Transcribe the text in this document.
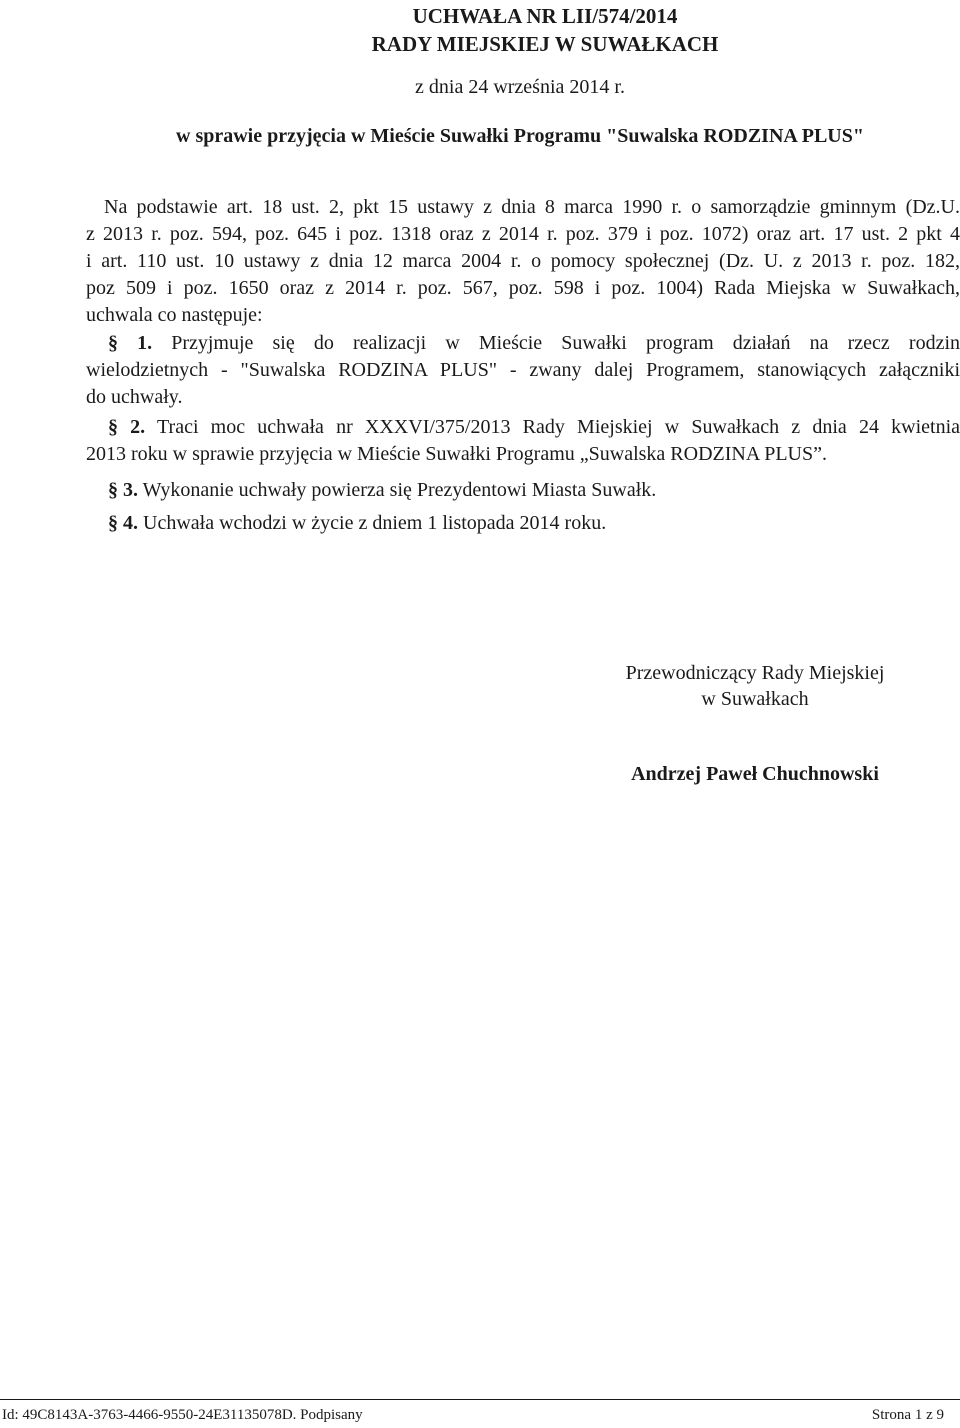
UCHWAŁA NR LII/574/2014
RADY MIEJSKIEJ W SUWAŁKACH
z dnia 24 września 2014 r.
w sprawie przyjęcia w Mieście Suwałki Programu "Suwalska RODZINA PLUS"

Na podstawie art. 18 ust. 2, pkt 15 ustawy z dnia 8 marca 1990 r. o samorządzie gminnym (Dz.U.

z 2013 r. poz. 594, poz. 645 i poz. 1318 oraz z 2014 r. poz. 379 i poz. 1072) oraz art. 17 ust. 2 pkt 4

i art. 110 ust. 10 ustawy z dnia 12 marca 2004 r. o pomocy społecznej (Dz. U. z 2013 r. poz. 182,

poz 509 i poz. 1650 oraz z 2014 r. poz. 567, poz. 598 i poz. 1004) Rada Miejska w Suwałkach,

uchwala co następuje:

§ 1. Przyjmuje się do realizacji w Mieście Suwałki program działań na rzecz rodzin

wielodzietnych - "Suwalska RODZINA PLUS" - zwany dalej Programem, stanowiących załączniki

do uchwały.

§ 2. Traci moc uchwała nr XXXVI/375/2013 Rady Miejskiej w Suwałkach z dnia 24 kwietnia

2013 roku w sprawie przyjęcia w Mieście Suwałki Programu „Suwalska RODZINA PLUS”.

§ 3. Wykonanie uchwały powierza się Prezydentowi Miasta Suwałk.

§ 4. Uchwała wchodzi w życie z dniem 1 listopada 2014 roku.

Przewodniczący Rady Miejskiej
w Suwałkach
Andrzej Paweł Chuchnowski
Id: 49C8143A-3763-4466-9550-24E31135078D. Podpisany	Strona 1 z 9
